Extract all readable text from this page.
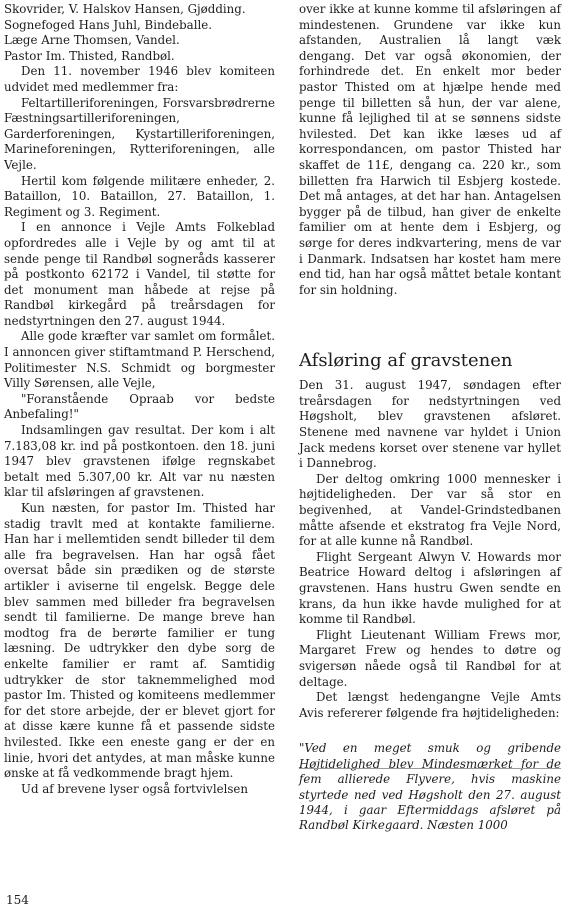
Skovrider, V. Halskov Hansen, Gjødding.

Sognefoged Hans Juhl, Bindeballe.

Læge Arne Thomsen, Vandel.

Pastor Im. Thisted, Randbøl.

Den 11. november 1946 blev komiteen udvidet med medlemmer fra:

Feltartilleriforeningen, Forsvarsbrødrerne Fæstningsartilleriforeningen, Garderforeningen, Kystartilleriforeningen, Marineforeningen, Rytteriforeningen, alle Vejle.

Hertil kom følgende militære enheder, 2. Bataillon, 10. Bataillon, 27. Bataillon, 1. Regiment og 3. Regiment.

I en annonce i Vejle Amts Folkeblad opfordredes alle i Vejle by og amt til at sende penge til Randbøl sogneråds kasserer på postkonto 62172 i Vandel, til støtte for det monument man håbede at rejse på Randbøl kirkegård på treårsdagen for nedstyrtningen den 27. august 1944.

Alle gode kræfter var samlet om formålet. I annoncen giver stiftamtmand P. Herschend, Politimester N.S. Schmidt og borgmester Villy Sørensen, alle Vejle,

"Foranstående Opraab vor bedste Anbefaling!"

Indsamlingen gav resultat. Der kom i alt 7.183,08 kr. ind på postkontoen. den 18. juni 1947 blev gravstenen ifølge regnskabet betalt med 5.307,00 kr. Alt var nu næsten klar til afsløringen af gravstenen.

Kun næsten, for pastor Im. Thisted har stadig travlt med at kontakte familierne. Han har i mellemtiden sendt billeder til dem alle fra begravelsen. Han har også fået oversat både sin prædiken og de største artikler i aviserne til engelsk. Begge dele blev sammen med billeder fra begravelsen sendt til familierne. De mange breve han modtog fra de berørte familier er tung læsning. De udtrykker den dybe sorg de enkelte familier er ramt af. Samtidig udtrykker de stor taknemmelighed mod pastor Im. Thisted og komiteens medlemmer for det store arbejde, der er blevet gjort for at disse kære kunne få et passende sidste hvilested. Ikke een eneste gang er der en linie, hvori det antydes, at man måske kunne ønske at få vedkommende bragt hjem.

Ud af brevene lyser også fortvivlelsen

over ikke at kunne komme til afsløringen af mindestenen. Grundene var ikke kun afstanden, Australien lå langt væk dengang. Det var også økonomien, der forhindrede det. En enkelt mor beder pastor Thisted om at hjælpe hende med penge til billetten så hun, der var alene, kunne få lejlighed til at se sønnens sidste hvilested. Det kan ikke læses ud af korrespondancen, om pastor Thisted har skaffet de 11£, dengang ca. 220 kr., som billetten fra Harwich til Esbjerg kostede. Det må antages, at det har han. Antagelsen bygger på de tilbud, han giver de enkelte familier om at hente dem i Esbjerg, og sørge for deres indkvartering, mens de var i Danmark. Indsatsen har kostet ham mere end tid, han har også måttet betale kontant for sin holdning.

Afsløring af gravstenen

Den 31. august 1947, søndagen efter treårsdagen for nedstyrtningen ved Høgsholt, blev gravstenen afsløret. Stenene med navnene var hyldet i Union Jack medens korset over stenene var hyllet i Dannebrog.

Der deltog omkring 1000 mennesker i højtideligheden. Der var så stor en begivenhed, at Vandel-Grindstedbanen måtte afsende et ekstratog fra Vejle Nord, for at alle kunne nå Randbøl.

Flight Sergeant Alwyn V. Howards mor Beatrice Howard deltog i afsløringen af gravstenen. Hans hustru Gwen sendte en krans, da hun ikke havde mulighed for at komme til Randbøl.

Flight Lieutenant William Frews mor, Margaret Frew og hendes to døtre og svigersøn nåede også til Randbøl for at deltage.

Det længst hedengangne Vejle Amts Avis refererer følgende fra højtideligheden:

"Ved en meget smuk og gribende Højtidelighed blev Mindesmærket for de fem allierede Flyvere, hvis maskine styrtede ned ved Høgsholt den 27. august 1944, i gaar Eftermiddags afsløret på Randbøl Kirkegaard. Næsten 1000

154
